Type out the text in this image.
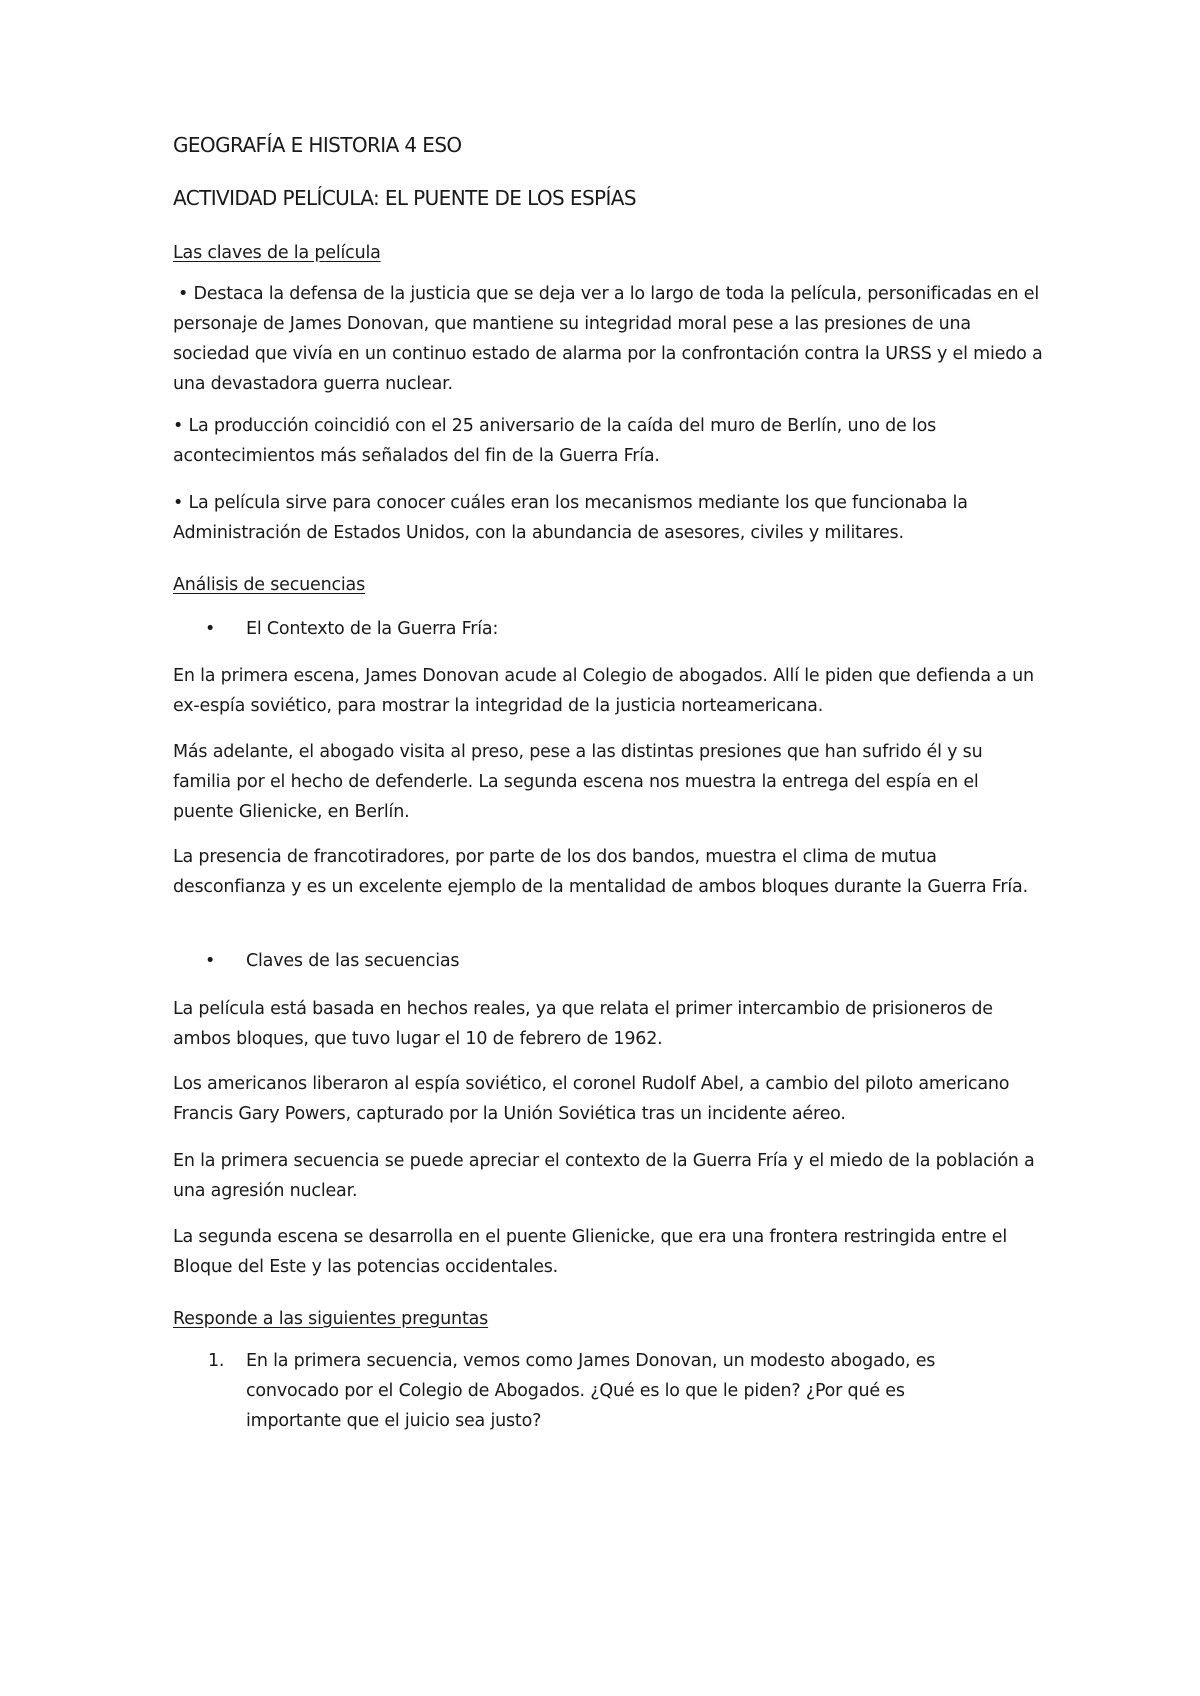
GEOGRAFÍA E HISTORIA 4 ESO
ACTIVIDAD PELÍCULA: EL PUENTE DE LOS ESPÍAS
Las claves de la película

• Destaca la defensa de la justicia que se deja ver a lo largo de toda la película, personificadas en el personaje de James Donovan, que mantiene su integridad moral pese a las presiones de una sociedad que vivía en un continuo estado de alarma por la confrontación contra la URSS y el miedo a una devastadora guerra nuclear.

• La producción coincidió con el 25 aniversario de la caída del muro de Berlín, uno de los acontecimientos más señalados del fin de la Guerra Fría.

• La película sirve para conocer cuáles eran los mecanismos mediante los que funcionaba la Administración de Estados Unidos, con la abundancia de asesores, civiles y militares.

Análisis de secuencias
• El Contexto de la Guerra Fría:

En la primera escena, James Donovan acude al Colegio de abogados. Allí le piden que defienda a un ex-espía soviético, para mostrar la integridad de la justicia norteamericana.

Más adelante, el abogado visita al preso, pese a las distintas presiones que han sufrido él y su familia por el hecho de defenderle. La segunda escena nos muestra la entrega del espía en el puente Glienicke, en Berlín.

La presencia de francotiradores, por parte de los dos bandos, muestra el clima de mutua desconfianza y es un excelente ejemplo de la mentalidad de ambos bloques durante la Guerra Fría.

• Claves de las secuencias

La película está basada en hechos reales, ya que relata el primer intercambio de prisioneros de ambos bloques, que tuvo lugar el 10 de febrero de 1962.

Los americanos liberaron al espía soviético, el coronel Rudolf Abel, a cambio del piloto americano Francis Gary Powers, capturado por la Unión Soviética tras un incidente aéreo.

En la primera secuencia se puede apreciar el contexto de la Guerra Fría y el miedo de la población a una agresión nuclear.

La segunda escena se desarrolla en el puente Glienicke, que era una frontera restringida entre el Bloque del Este y las potencias occidentales.

Responde a las siguientes preguntas
1. En la primera secuencia, vemos como James Donovan, un modesto abogado, es convocado por el Colegio de Abogados. ¿Qué es lo que le piden? ¿Por qué es importante que el juicio sea justo?
